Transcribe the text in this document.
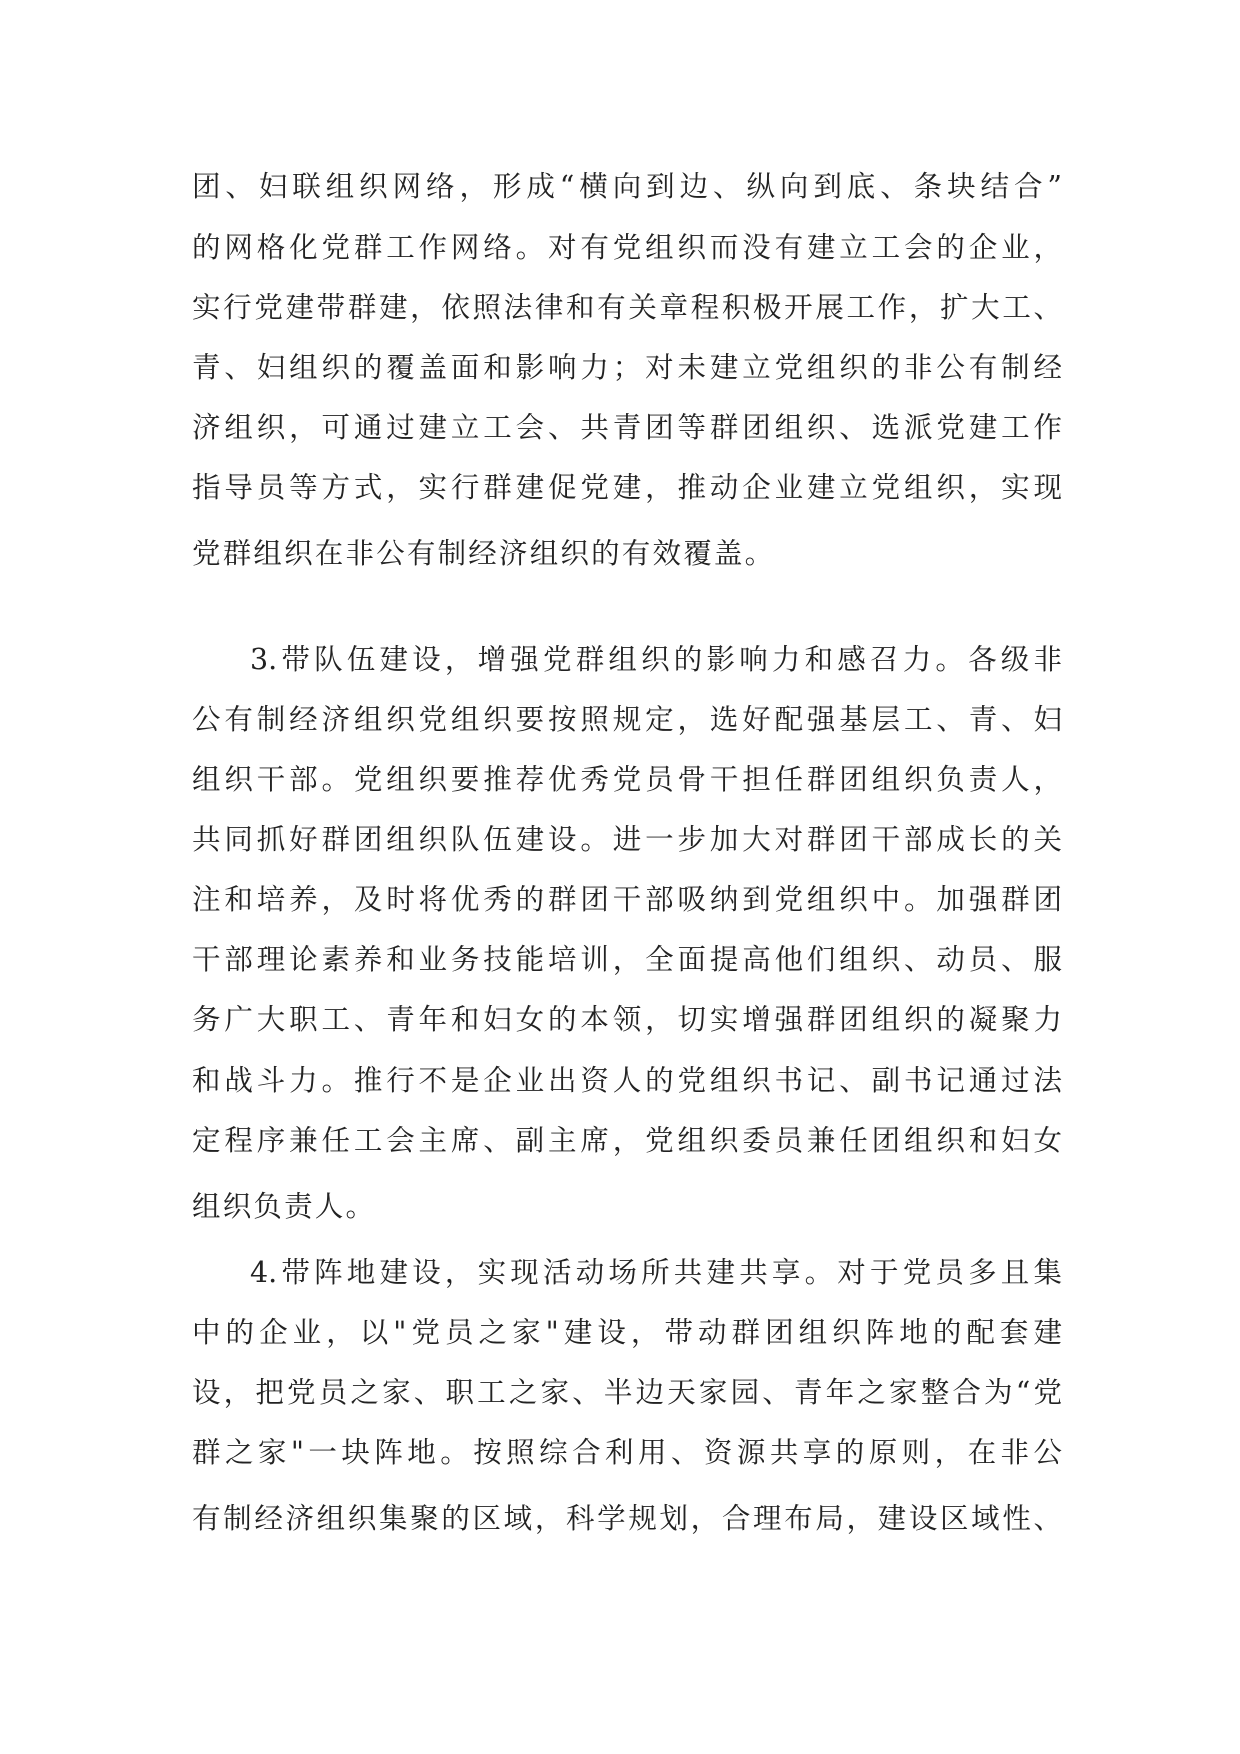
团、妇联组织网络，形成“横向到边、纵向到底、条块结合”
的网格化党群工作网络。对有党组织而没有建立工会的企业，
实行党建带群建，依照法律和有关章程积极开展工作，扩大工、
青、妇组织的覆盖面和影响力；对未建立党组织的非公有制经
济组织，可通过建立工会、共青团等群团组织、选派党建工作
指导员等方式，实行群建促党建，推动企业建立党组织，实现
党群组织在非公有制经济组织的有效覆盖。
3.带队伍建设，增强党群组织的影响力和感召力。各级非
公有制经济组织党组织要按照规定，选好配强基层工、青、妇
组织干部。党组织要推荐优秀党员骨干担任群团组织负责人，
共同抓好群团组织队伍建设。进一步加大对群团干部成长的关
注和培养，及时将优秀的群团干部吸纳到党组织中。加强群团
干部理论素养和业务技能培训，全面提高他们组织、动员、服
务广大职工、青年和妇女的本领，切实增强群团组织的凝聚力
和战斗力。推行不是企业出资人的党组织书记、副书记通过法
定程序兼任工会主席、副主席，党组织委员兼任团组织和妇女
组织负责人。
4.带阵地建设，实现活动场所共建共享。对于党员多且集
中的企业，以"党员之家"建设，带动群团组织阵地的配套建
设，把党员之家、职工之家、半边天家园、青年之家整合为“党
群之家"一块阵地。按照综合利用、资源共享的原则，在非公
有制经济组织集聚的区域，科学规划，合理布局，建设区域性、
